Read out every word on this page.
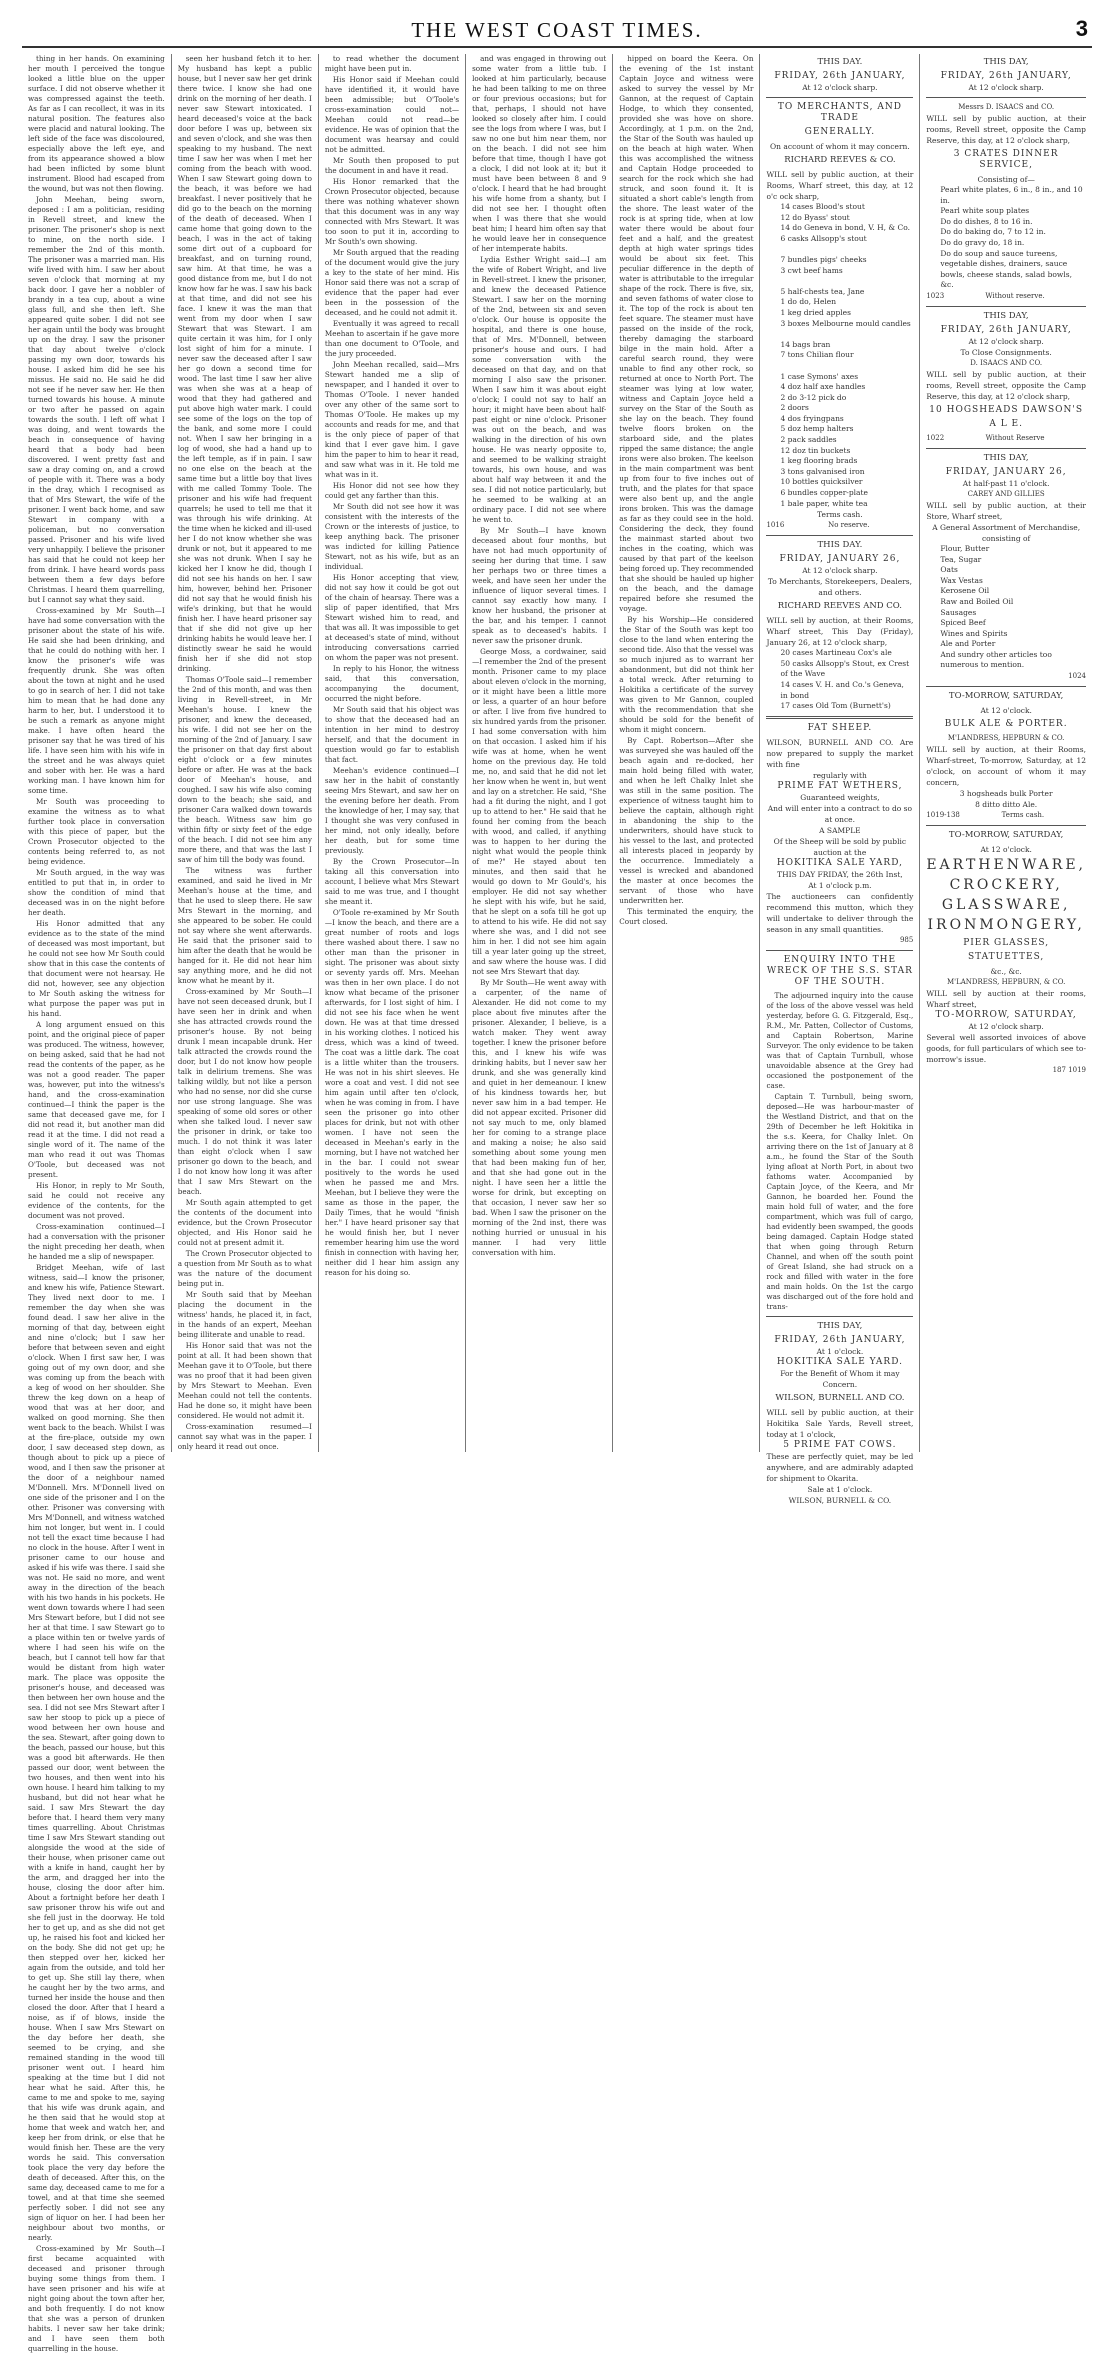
THE WEST COAST TIMES.	3

thing in her hands. On examining her mouth I perceived the tongue looked a little blue on the upper surface. I did not observe whether it was compressed against the teeth. As far as I can recollect, it was in its natural position. The features also were placid and natural looking. The left side of the face was discoloured, especially above the left eye, and from its appearance showed a blow had been inflicted by some blunt instrument. Blood had escaped from the wound, but was not then flowing.

John Meehan, being sworn, deposed : I am a politician, residing in Revell street, and knew the prisoner. The prisoner's shop is next to mine, on the north side. I remember the 2nd of this month. The prisoner was a married man. His wife lived with him. I saw her about seven o'clock that morning at my back door. I gave her a nobbler of brandy in a tea cup, about a wine glass full, and she then left. She appeared quite sober. I did not see her again until the body was brought up on the dray. I saw the prisoner that day about twelve o'clock passing my own door, towards his house. I asked him did he see his missus. He said no. He said he did not see if he never saw her. He then turned towards his house. A minute or two after he passed on again towards the south. I left off what I was doing, and went towards the beach in consequence of having heard that a body had been discovered. I went pretty fast and saw a dray coming on, and a crowd of people with it. There was a body in the dray, which I recognised as that of Mrs Stewart, the wife of the prisoner. I went back home, and saw Stewart in company with a policeman, but no conversation passed. Prisoner and his wife lived very unhappily. I believe the prisoner has said that he could not keep her from drink. I have heard words pass between them a few days before Christmas. I heard them quarrelling, but I cannot say what they said.

Cross-examined by Mr South—I have had some conversation with the prisoner about the state of his wife. He said she had been drinking, and that he could do nothing with her. I know the prisoner's wife was frequently drunk. She was often about the town at night and he used to go in search of her. I did not take him to mean that he had done any harm to her, but. I understood it to be such a remark as anyone might make. I have often heard the prisoner say that he was tired of his life. I have seen him with his wife in the street and he was always quiet and sober with her. He was a hard working man. I have known him for some time.

Mr South was proceeding to examine the witness as to what further took place in conversation with this piece of paper, but the Crown Prosecutor objected to the contents being referred to, as not being evidence.

Mr South argued, in the way was entitled to put that in, in order to show the condition of mind that deceased was in on the night before her death.

His Honor admitted that any evidence as to the state of the mind of deceased was most important, but he could not see how Mr South could show that in this case the contents of that document were not hearsay. He did not, however, see any objection to Mr South asking the witness for what purpose the paper was put in his hand.

A long argument ensued on this point, and the original piece of paper was produced. The witness, however, on being asked, said that he had not read the contents of the paper, as he was not a good reader. The paper was, however, put into the witness's hand, and the cross-examination continued—I think the paper is the same that deceased gave me, for I did not read it, but another man did read it at the time. I did not read a single word of it. The name of the man who read it out was Thomas O'Toole, but deceased was not present.

His Honor, in reply to Mr South, said he could not receive any evidence of the contents, for the document was not proved.

Cross-examination continued—I had a conversation with the prisoner the night preceding her death, when he handed me a slip of newspaper.

Bridget Meehan, wife of last witness, said—I know the prisoner, and knew his wife, Patience Stewart. They lived next door to me. I remember the day when she was found dead. I saw her alive in the morning of that day, between eight and nine o'clock; but I saw her before that between seven and eight o'clock. When I first saw her, I was going out of my own door, and she was coming up from the beach with a keg of wood on her shoulder. She threw the keg down on a heap of wood that was at her door, and walked on good morning. She then went back to the beach. Whilst I was at the fire-place, outside my own door, I saw deceased step down, as though about to pick up a piece of wood, and I then saw the prisoner at the door of a neighbour named M'Donnell. Mrs. M'Donnell lived on one side of the prisoner and I on the other. Prisoner was conversing with Mrs M'Donnell, and witness watched him not longer, but went in. I could not tell the exact time because I had no clock in the house. After I went in prisoner came to our house and asked if his wife was there. I said she was not. He said no more, and went away in the direction of the beach with his two hands in his pockets. He went down towards where I had seen Mrs Stewart before, but I did not see her at that time. I saw Stewart go to a place within ten or twelve yards of where I had seen his wife on the beach, but I cannot tell how far that would be distant from high water mark. The place was opposite the prisoner's house, and deceased was then between her own house and the sea. I did not see Mrs Stewart after I saw her stoop to pick up a piece of wood between her own house and the sea. Stewart, after going down to the beach, passed our house, but this was a good bit afterwards. He then passed our door, went between the two houses, and then went into his own house. I heard him talking to my husband, but did not hear what he said. I saw Mrs Stewart the day before that. I heard them very many times quarrelling. About Christmas time I saw Mrs Stewart standing out alongside the wood at the side of their house, when prisoner came out with a knife in hand, caught her by the arm, and dragged her into the house, closing the door after him. About a fortnight before her death I saw prisoner throw his wife out and she fell just in the doorway. He told her to get up, and as she did not get up, he raised his foot and kicked her on the body. She did not get up; he then stepped over her, kicked her again from the outside, and told her to get up. She still lay there, when he caught her by the two arms, and turned her inside the house and then closed the door. After that I heard a noise, as if of blows, inside the house. When I saw Mrs Stewart on the day before her death, she seemed to be crying, and she remained standing in the wood till prisoner went out. I heard him speaking at the time but I did not hear what he said. After this, he came to me and spoke to me, saying that his wife was drunk again, and he then said that he would stop at home that week and watch her, and keep her from drink, or else that he would finish her. These are the very words he said. This conversation took place the very day before the death of deceased. After this, on the same day, deceased came to me for a towel, and at that time she seemed perfectly sober. I did not see any sign of liquor on her. I had been her neighbour about two months, or nearly.

Cross-examined by Mr South—I first became acquainted with deceased and prisoner through buying some things from them. I have seen prisoner and his wife at night going about the town after her, and both frequently. I do not know that she was a person of drunken habits. I never saw her take drink; and I have seen them both quarrelling in the house.

seen her husband fetch it to her. My husband has kept a public house, but I never saw her get drink there twice. I know she had one drink on the morning of her death. I never saw Stewart intoxicated. I heard deceased's voice at the back door before I was up, between six and seven o'clock, and she was then speaking to my husband. The next time I saw her was when I met her coming from the beach with wood. When I saw Stewart going down to the beach, it was before we had breakfast. I never positively that he did go to the beach on the morning of the death of deceased. When I came home that going down to the beach, I was in the act of taking some dirt out of a cupboard for breakfast, and on turning round, saw him. At that time, he was a good distance from me, but I do not know how far he was. I saw his back at that time, and did not see his face. I knew it was the man that went from my door when I saw Stewart that was Stewart. I am quite certain it was him, for I only lost sight of him for a minute. I never saw the deceased after I saw her go down a second time for wood. The last time I saw her alive was when she was at a heap of wood that they had gathered and put above high water mark. I could see some of the logs on the top of the bank, and some more I could not. When I saw her bringing in a log of wood, she had a hand up to the left temple, as if in pain. I saw no one else on the beach at the same time but a little boy that lives with me called Tommy Toole. The prisoner and his wife had frequent quarrels; he used to tell me that it was through his wife drinking. At the time when he kicked and ill-used her I do not know whether she was drunk or not, but it appeared to me she was not drunk. When I say he kicked her I know he did, though I did not see his hands on her. I saw him, however, behind her. Prisoner did not say that he would finish his wife's drinking, but that he would finish her. I have heard prisoner say that if she did not give up her drinking habits he would leave her. I distinctly swear he said he would finish her if she did not stop drinking.

Thomas O'Toole said—I remember the 2nd of this month, and was then living in Revell-street, in Mr Meehan's house. I knew the prisoner, and knew the deceased, his wife. I did not see her on the morning of the 2nd of January. I saw the prisoner on that day first about eight o'clock or a few minutes before or after. He was at the back door of Meehan's house, and coughed. I saw his wife also coming down to the beach; she said, and prisoner Cara walked down towards the beach. Witness saw him go within fifty or sixty feet of the edge of the beach. I did not see him any more there, and that was the last I saw of him till the body was found.

The witness was further examined, and said he lived in Mr Meehan's house at the time, and that he used to sleep there. He saw Mrs Stewart in the morning, and she appeared to be sober. He could not say where she went afterwards. He said that the prisoner said to him after the death that he would be hanged for it. He did not hear him say anything more, and he did not know what he meant by it.

Cross-examined by Mr South—I have not seen deceased drunk, but I have seen her in drink and when she has attracted crowds round the prisoner's house. By not being drunk I mean incapable drunk. Her talk attracted the crowds round the door, but I do not know how people talk in delirium tremens. She was talking wildly, but not like a person who had no sense, nor did she curse nor use strong language. She was speaking of some old sores or other when she talked loud. I never saw the prisoner in drink, or take too much. I do not think it was later than eight o'clock when I saw prisoner go down to the beach, and I do not know how long it was after that I saw Mrs Stewart on the beach.

Mr South again attempted to get the contents of the document into evidence, but the Crown Prosecutor objected, and His Honor said he could not at present admit it.

The Crown Prosecutor objected to a question from Mr South as to what was the nature of the document being put in.

Mr South said that by Meehan placing the document in the witness' hands, he placed it, in fact, in the hands of an expert, Meehan being illiterate and unable to read.

His Honor said that was not the point at all. It had been shown that Meehan gave it to O'Toole, but there was no proof that it had been given by Mrs Stewart to Meehan. Even Meehan could not tell the contents. Had he done so, it might have been considered. He would not admit it.

Cross-examination resumed—I cannot say what was in the paper. I only heard it read out once.

to read whether the document might have been put in.

His Honor said if Meehan could have identified it, it would have been admissible; but O'Toole's cross-examination could not—Meehan could not read—be evidence. He was of opinion that the document was hearsay and could not be admitted.

Mr South then proposed to put the document in and have it read.

His Honor remarked that the Crown Prosecutor objected, because there was nothing whatever shown that this document was in any way connected with Mrs Stewart. It was too soon to put it in, according to Mr South's own showing.

Mr South argued that the reading of the document would give the jury a key to the state of her mind. His Honor said there was not a scrap of evidence that the paper had ever been in the possession of the deceased, and he could not admit it.

Eventually it was agreed to recall Meehan to ascertain if he gave more than one document to O'Toole, and the jury proceeded.

John Meehan recalled, said—Mrs Stewart handed me a slip of newspaper, and I handed it over to Thomas O'Toole. I never handed over any other of the same sort to Thomas O'Toole. He makes up my accounts and reads for me, and that is the only piece of paper of that kind that I ever gave him. I gave him the paper to him to hear it read, and saw what was in it. He told me what was in it.

His Honor did not see how they could get any farther than this.

Mr South did not see how it was consistent with the interests of the Crown or the interests of justice, to keep anything back. The prisoner was indicted for killing Patience Stewart, not as his wife, but as an individual.

His Honor accepting that view, did not say how it could be got out of the chain of hearsay. There was a slip of paper identified, that Mrs Stewart wished him to read, and that was all. It was impossible to get at deceased's state of mind, without introducing conversations carried on whom the paper was not present.

In reply to his Honor, the witness said, that this conversation, accompanying the document, occurred the night before.

Mr South said that his object was to show that the deceased had an intention in her mind to destroy herself, and that the document in question would go far to establish that fact.

Meehan's evidence continued—I saw her in the habit of constantly seeing Mrs Stewart, and saw her on the evening before her death. From the knowledge of her, I may say, that I thought she was very confused in her mind, not only ideally, before her death, but for some time previously.

By the Crown Prosecutor—In taking all this conversation into account, I believe what Mrs Stewart said to me was true, and I thought she meant it.

O'Toole re-examined by Mr South—I know the beach, and there are a great number of roots and logs there washed about there. I saw no other man than the prisoner in sight. The prisoner was about sixty or seventy yards off. Mrs. Meehan was then in her own place. I do not know what became of the prisoner afterwards, for I lost sight of him. I did not see his face when he went down. He was at that time dressed in his working clothes. I noticed his dress, which was a kind of tweed. The coat was a little dark. The coat is a little whiter than the trousers. He was not in his shirt sleeves. He wore a coat and vest. I did not see him again until after ten o'clock, when he was coming in from. I have seen the prisoner go into other places for drink, but not with other women. I have not seen the deceased in Meehan's early in the morning, but I have not watched her in the bar. I could not swear positively to the words he used when he passed me and Mrs. Meehan, but I believe they were the same as those in the paper, the Daily Times, that he would "finish her." I have heard prisoner say that he would finish her, but I never remember hearing him use the word finish in connection with having her, neither did I hear him assign any reason for his doing so.

and was engaged in throwing out some water from a little tub. I looked at him particularly, because he had been talking to me on three or four previous occasions; but for that, perhaps, I should not have looked so closely after him. I could see the logs from where I was, but I saw no one but him near them, nor on the beach. I did not see him before that time, though I have got a clock, I did not look at it; but it must have been between 8 and 9 o'clock. I heard that he had brought his wife home from a shanty, but I did not see her. I thought often when I was there that she would beat him; I heard him often say that he would leave her in consequence of her intemperate habits.

Lydia Esther Wright said—I am the wife of Robert Wright, and live in Revell-street. I knew the prisoner, and knew the deceased Patience Stewart. I saw her on the morning of the 2nd, between six and seven o'clock. Our house is opposite the hospital, and there is one house, that of Mrs. M'Donnell, between prisoner's house and ours. I had some conversation with the deceased on that day, and on that morning I also saw the prisoner. When I saw him it was about eight o'clock; I could not say to half an hour; it might have been about half-past eight or nine o'clock. Prisoner was out on the beach, and was walking in the direction of his own house. He was nearly opposite to, and seemed to be walking straight towards, his own house, and was about half way between it and the sea. I did not notice particularly, but he seemed to be walking at an ordinary pace. I did not see where he went to.

By Mr South—I have known deceased about four months, but have not had much opportunity of seeing her during that time. I saw her perhaps two or three times a week, and have seen her under the influence of liquor several times. I cannot say exactly how many. I know her husband, the prisoner at the bar, and his temper. I cannot speak as to deceased's habits. I never saw the prisoner drunk.

George Moss, a cordwainer, said—I remember the 2nd of the present month. Prisoner came to my place about eleven o'clock in the morning, or it might have been a little more or less, a quarter of an hour before or after. I live from five hundred to six hundred yards from the prisoner. I had some conversation with him on that occasion. I asked him if his wife was at home, when he went home on the previous day. He told me, no, and said that he did not let her know when he went in, but went and lay on a stretcher. He said, "She had a fit during the night, and I got up to attend to her." He said that he found her coming from the beach with wood, and called, if anything was to happen to her during the night what would the people think of me?" He stayed about ten minutes, and then said that he would go down to Mr Gould's, his employer. He did not say whether he slept with his wife, but he said, that he slept on a sofa till he got up to attend to his wife. He did not say where she was, and I did not see him in her. I did not see him again till a year later going up the street, and saw where the house was. I did not see Mrs Stewart that day.

By Mr South—He went away with a carpenter, of the name of Alexander. He did not come to my place about five minutes after the prisoner. Alexander, I believe, is a watch maker. They went away together. I knew the prisoner before this, and I knew his wife was drinking habits, but I never saw her drunk, and she was generally kind and quiet in her demeanour. I knew of his kindness towards her, but never saw him in a bad temper. He did not appear excited. Prisoner did not say much to me, only blamed her for coming to a strange place and making a noise; he also said something about some young men that had been making fun of her, and that she had gone out in the night. I have seen her a little the worse for drink, but excepting on that occasion, I never saw her so bad. When I saw the prisoner on the morning of the 2nd inst, there was nothing hurried or unusual in his manner. I had very little conversation with him.

hipped on board the Keera. On the evening of the 1st instant Captain Joyce and witness were asked to survey the vessel by Mr Gannon, at the request of Captain Hodge, to which they consented, provided she was hove on shore. Accordingly, at 1 p.m. on the 2nd, the Star of the South was hauled up on the beach at high water. When this was accomplished the witness and Captain Hodge proceeded to search for the rock which she had struck, and soon found it. It is situated a short cable's length from the shore. The least water of the rock is at spring tide, when at low water there would be about four feet and a half, and the greatest depth at high water springs tides would be about six feet. This peculiar difference in the depth of water is attributable to the irregular shape of the rock. There is five, six, and seven fathoms of water close to it. The top of the rock is about ten feet square. The steamer must have passed on the inside of the rock, thereby damaging the starboard bilge in the main hold. After a careful search round, they were unable to find any other rock, so returned at once to North Port. The steamer was lying at low water, witness and Captain Joyce held a survey on the Star of the South as she lay on the beach. They found twelve floors broken on the starboard side, and the plates ripped the same distance; the angle irons were also broken. The keelson in the main compartment was bent up from four to five inches out of truth, and the plates for that space were also bent up, and the angle irons broken. This was the damage as far as they could see in the hold. Considering the deck, they found the mainmast started about two inches in the coating, which was caused by that part of the keelson being forced up. They recommended that she should be hauled up higher on the beach, and the damage repaired before she resumed the voyage.

By his Worship—He considered the Star of the South was kept too close to the land when entering the second tide. Also that the vessel was so much injured as to warrant her abandonment, but did not think her a total wreck. After returning to Hokitika a certificate of the survey was given to Mr Gannon, coupled with the recommendation that she should be sold for the benefit of whom it might concern.

By Capt. Robertson—After she was surveyed she was hauled off the beach again and re-docked, her main hold being filled with water, and when he left Chalky Inlet she was still in the same position. The experience of witness taught him to believe the captain, although right in abandoning the ship to the underwriters, should have stuck to his vessel to the last, and protected all interests placed in jeopardy by the occurrence. Immediately a vessel is wrecked and abandoned the master at once becomes the servant of those who have underwritten her.

This terminated the enquiry, the Court closed.

THIS DAY.
FRIDAY, 26th JANUARY,
At 12 o'clock sharp.
TO MERCHANTS, AND TRADE
GENERALLY.
On account of whom it may concern.
RICHARD REEVES & CO.
WILL sell by public auction, at their Rooms, Wharf street, this day, at 12 o'c ock sharp,
14 cases Blood's stout
12 do Byass' stout
14 do Geneva in bond, V. H, & Co.
6 casks Allsopp's stout

7 bundles pigs' cheeks
3 cwt beef hams

5 half-chests tea, Jane
1 do do, Helen
1 keg dried apples
3 boxes Melbourne mould candles

14 bags bran
7 tons Chilian flour

1 case Symons' axes
4 doz half axe handles
2 do 3-12 pick do
2 doors
4 dos fryingpans
5 doz hemp halters
2 pack saddles
12 doz tin buckets
1 keg flooring brads
3 tons galvanised iron
10 bottles quicksilver
6 bundles copper-plate
1 bale paper, white tea
Terms cash.
1016	No reserve.
THIS DAY.
FRIDAY, JANUARY 26,
At 12 o'clock sharp.
To Merchants, Storekeepers, Dealers, and others.
RICHARD REEVES AND CO.
WILL sell by auction, at their Rooms, Wharf street, This Day (Friday), January 26, at 12 o'clock sharp,
20 cases Martineau Cox's ale
50 casks Allsopp's Stout, ex Crest of the Wave
14 cases V. H. and Co.'s Geneva, in bond
17 cases Old Tom (Burnett's)
FAT SHEEP.
WILSON, BURNELL AND CO. Are now prepared to supply the market with fine
regularly with
PRIME FAT WETHERS,
Guaranteed weights,
And will enter into a contract to do so at once.
A SAMPLE
Of the Sheep will be sold by public auction at the
HOKITIKA SALE YARD,
THIS DAY FRIDAY, the 26th Inst,
At 1 o'clock p.m.
The auctioneers can confidently recommend this mutton, which they will undertake to deliver through the season in any small quantities.
985
ENQUIRY INTO THE WRECK OF THE S.S. STAR OF THE SOUTH.

The adjourned inquiry into the cause of the loss of the above vessel was held yesterday, before G. G. Fitzgerald, Esq., R.M., Mr. Patten, Collector of Customs, and Captain Robertson, Marine Surveyor. The only evidence to be taken was that of Captain Turnbull, whose unavoidable absence at the Grey had occasioned the postponement of the case.

Captain T. Turnbull, being sworn, deposed—He was harbour-master of the Westland District, and that on the 29th of December he left Hokitika in the s.s. Keera, for Chalky Inlet. On arriving there on the 1st of January at 8 a.m., he found the Star of the South lying afloat at North Port, in about two fathoms water. Accompanied by Captain Joyce, of the Keera, and Mr Gannon, he boarded her. Found the main hold full of water, and the fore compartment, which was full of cargo, had evidently been swamped, the goods being damaged. Captain Hodge stated that when going through Return Channel, and when off the south point of Great Island, she had struck on a rock and filled with water in the fore and main holds. On the 1st the cargo was discharged out of the fore hold and trans-

THIS DAY,
FRIDAY, 26th JANUARY,
At 1 o'clock.
HOKITIKA SALE YARD.
For the Benefit of Whom it may Concern.
WILSON, BURNELL AND CO.
WILL sell by public auction, at their Hokitika Sale Yards, Revell street, today at 1 o'clock,
5 PRIME FAT COWS.
These are perfectly quiet, may be led anywhere, and are admirably adapted for shipment to Okarita.
Sale at 1 o'clock.
WILSON, BURNELL & CO.
THIS DAY,
FRIDAY, 26th JANUARY,
At 12 o'clock sharp.
Messrs D. ISAACS and CO.
WILL sell by public auction, at their rooms, Revell street, opposite the Camp Reserve, this day, at 12 o'clock sharp,
3 CRATES DINNER SERVICE,
Consisting of—
Pearl white plates, 6 in., 8 in., and 10 in.
Pearl white soup plates
Do do dishes, 8 to 16 in.
Do do baking do, 7 to 12 in.
Do do gravy do, 18 in.
Do do soup and sauce tureens, vegetable dishes, drainers, sauce bowls, cheese stands, salad bowls, &c.
1023	Without reserve.
THIS DAY,
FRIDAY, 26th JANUARY,
At 12 o'clock sharp.
To Close Consignments.
D. ISAACS AND CO.
WILL sell by public auction, at their rooms, Revell street, opposite the Camp Reserve, this day, at 12 o'clock sharp,
10 HOGSHEADS DAWSON'S
A L E.
1022	Without Reserve
THIS DAY,
FRIDAY, JANUARY 26,
At half-past 11 o'clock.
CAREY AND GILLIES
WILL sell by public auction, at their Store, Wharf street,
A General Assortment of Merchandise, consisting of
Flour, Butter
Tea, Sugar
Oats
Wax Vestas
Kerosene Oil
Raw and Boiled Oil
Sausages
Spiced Beef
Wines and Spirits
Ale and Porter
And sundry other articles too numerous to mention.
1024
TO-MORROW, SATURDAY,
At 12 o'clock.
BULK ALE & PORTER.
M'LANDRESS, HEPBURN & CO.
WILL sell by auction, at their Rooms, Wharf-street, To-morrow, Saturday, at 12 o'clock, on account of whom it may concern,
3 hogsheads bulk Porter
8 ditto ditto Ale.
1019-138	Terms cash.
TO-MORROW, SATURDAY,
At 12 o'clock.
EARTHENWARE,
CROCKERY,
GLASSWARE,
IRONMONGERY,
PIER GLASSES,
STATUETTES,
&c., &c.
M'LANDRESS, HEPBURN, & CO.
WILL sell by auction at their rooms, Wharf street,
TO-MORROW, SATURDAY,
At 12 o'clock sharp.
Several well assorted invoices of above goods, for full particulars of which see to-morrow's issue.
187 1019
